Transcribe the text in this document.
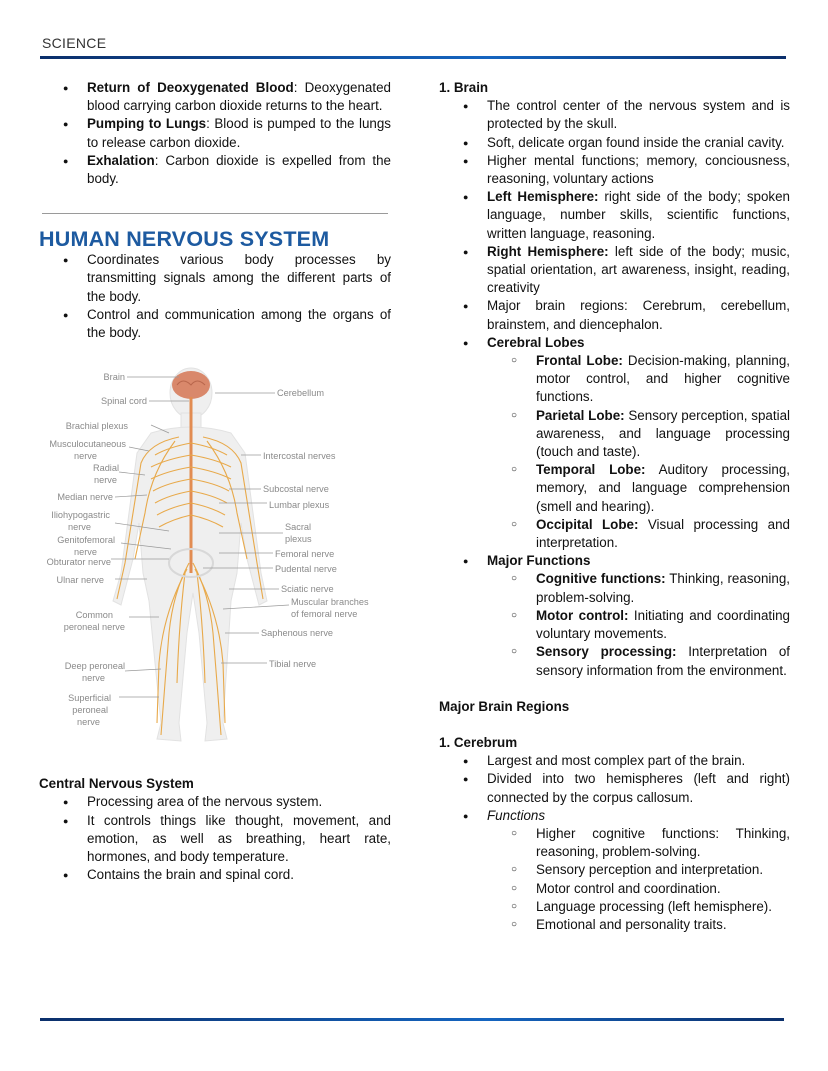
SCIENCE
● Return of Deoxygenated Blood: Deoxygenated blood carrying carbon dioxide returns to the heart.
● Pumping to Lungs: Blood is pumped to the lungs to release carbon dioxide.
● Exhalation: Carbon dioxide is expelled from the body.
HUMAN NERVOUS SYSTEM
● Coordinates various body processes by transmitting signals among the different parts of the body.
● Control and communication among the organs of the body.
Brain
Spinal cord
Brachial plexus
Musculocutaneous
nerve
Radial
nerve
Median nerve
Iliohypogastric
nerve
Genitofemoral
nerve
Obturator nerve
Ulnar nerve
Common
peroneal nerve
Deep peroneal
nerve
Superficial
peroneal
nerve
Cerebellum
Intercostal nerves
Subcostal nerve
Lumbar plexus
Sacral
plexus
Femoral nerve
Pudental nerve
Sciatic nerve
Muscular branches
of femoral nerve
Saphenous nerve
Tibial nerve
Central Nervous System
● Processing area of the nervous system.
● It controls things like thought, movement, and emotion, as well as breathing, heart rate, hormones, and body temperature.
● Contains the brain and spinal cord.
1. Brain
● The control center of the nervous system and is protected by the skull.
● Soft, delicate organ found inside the cranial cavity.
● Higher mental functions; memory, conciousness, reasoning, voluntary actions
● Left Hemisphere: right side of the body; spoken language, number skills, scientific functions, written language, reasoning.
● Right Hemisphere: left side of the body; music, spatial orientation, art awareness, insight, reading, creativity
● Major brain regions: Cerebrum, cerebellum, brainstem, and diencephalon.
● Cerebral Lobes
○ Frontal Lobe: Decision-making, planning, motor control, and higher cognitive functions.
○ Parietal Lobe: Sensory perception, spatial awareness, and language processing (touch and taste).
○ Temporal Lobe: Auditory processing, memory, and language comprehension (smell and hearing).
○ Occipital Lobe: Visual processing and interpretation.
● Major Functions
○ Cognitive functions: Thinking, reasoning, problem-solving.
○ Motor control: Initiating and coordinating voluntary movements.
○ Sensory processing: Interpretation of sensory information from the environment.
Major Brain Regions
1. Cerebrum
● Largest and most complex part of the brain.
● Divided into two hemispheres (left and right) connected by the corpus callosum.
● Functions
○ Higher cognitive functions: Thinking, reasoning, problem-solving.
○ Sensory perception and interpretation.
○ Motor control and coordination.
○ Language processing (left hemisphere).
○ Emotional and personality traits.
